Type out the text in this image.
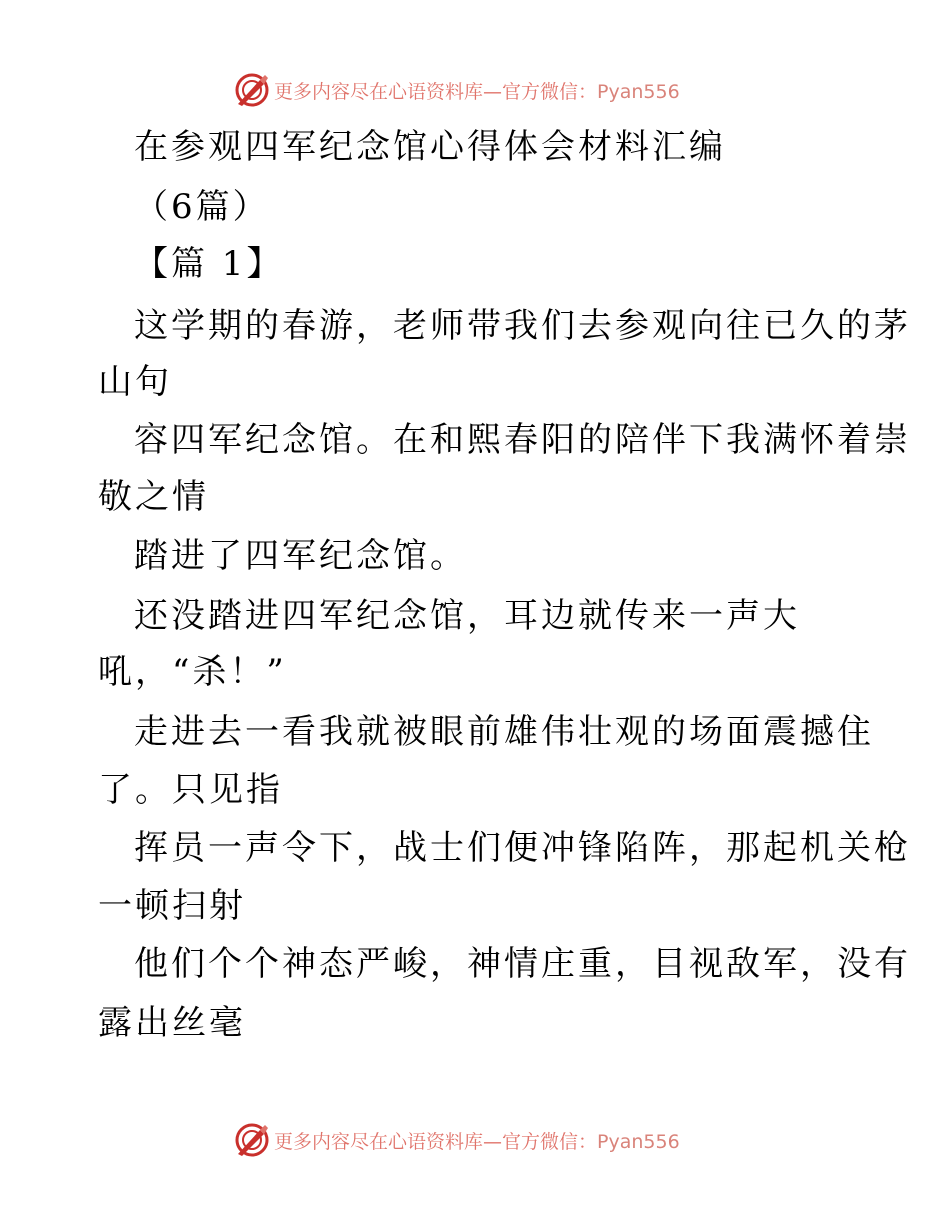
更多内容尽在心语资料库—官方微信：Pyan556
在参观四军纪念馆心得体会材料汇编
（6篇）
【篇 1】
这学期的春游，老师带我们去参观向往已久的茅
山句
容四军纪念馆。在和熙春阳的陪伴下我满怀着崇
敬之情
踏进了四军纪念馆。
还没踏进四军纪念馆，耳边就传来一声大
吼，“杀！”
走进去一看我就被眼前雄伟壮观的场面震撼住
了。只见指
挥员一声令下，战士们便冲锋陷阵，那起机关枪
一顿扫射
他们个个神态严峻，神情庄重，目视敌军，没有
露出丝毫
更多内容尽在心语资料库—官方微信：Pyan556
